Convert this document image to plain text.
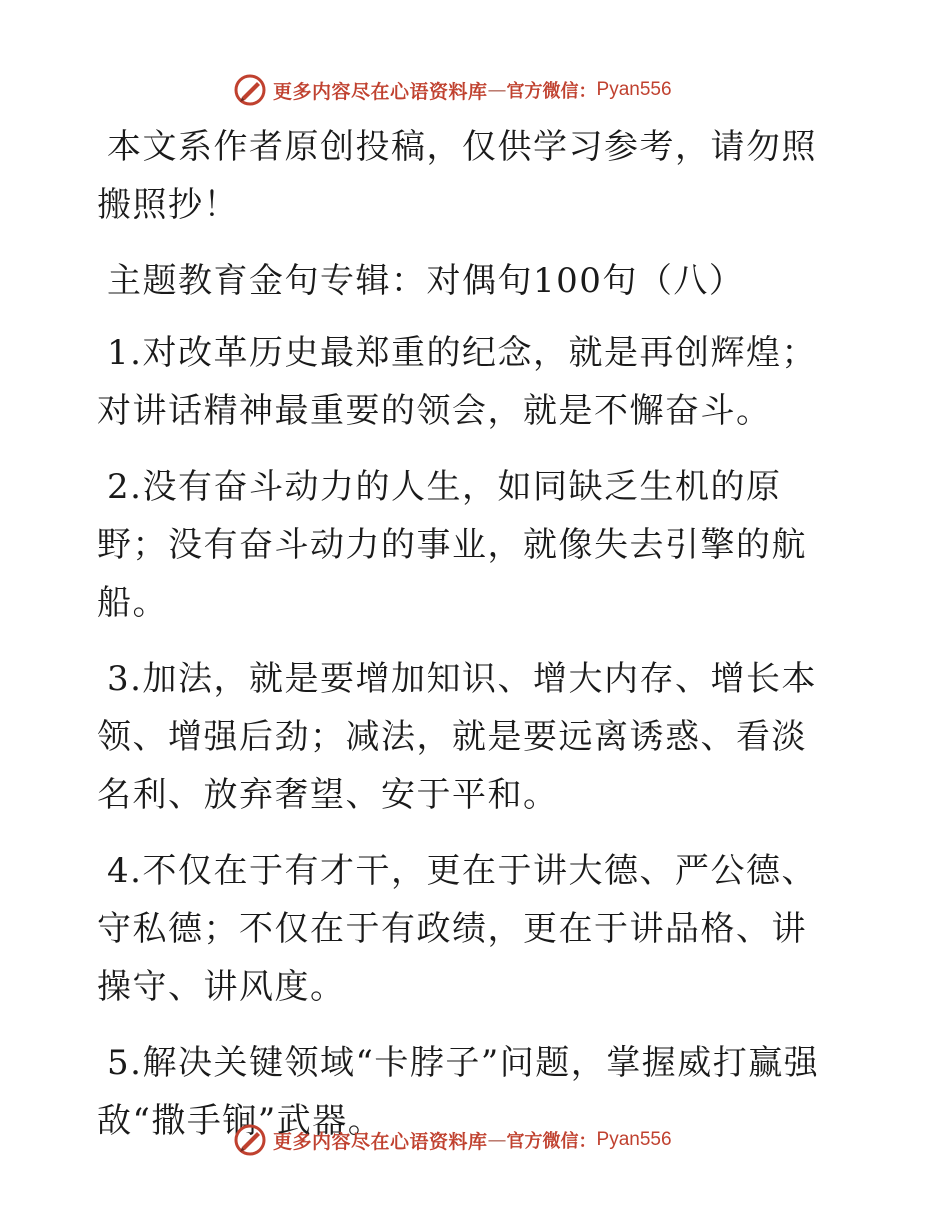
更多内容尽在心语资料库 — 官方微信： Pyan556

本文系作者原创投稿，仅供学习参考，请勿照搬照抄！

主题教育金句专辑：对偶句100句（八）

1.对改革历史最郑重的纪念，就是再创辉煌；对讲话精神最重要的领会，就是不懈奋斗。

2.没有奋斗动力的人生，如同缺乏生机的原野；没有奋斗动力的事业，就像失去引擎的航船。

3.加法，就是要增加知识、增大内存、增长本领、增强后劲；减法，就是要远离诱惑、看淡名利、放弃奢望、安于平和。

4.不仅在于有才干，更在于讲大德、严公德、守私德；不仅在于有政绩，更在于讲品格、讲操守、讲风度。

5.解决关键领域“卡脖子”问题，掌握威打赢强敌“撒手锏”武器。

更多内容尽在心语资料库 — 官方微信： Pyan556
